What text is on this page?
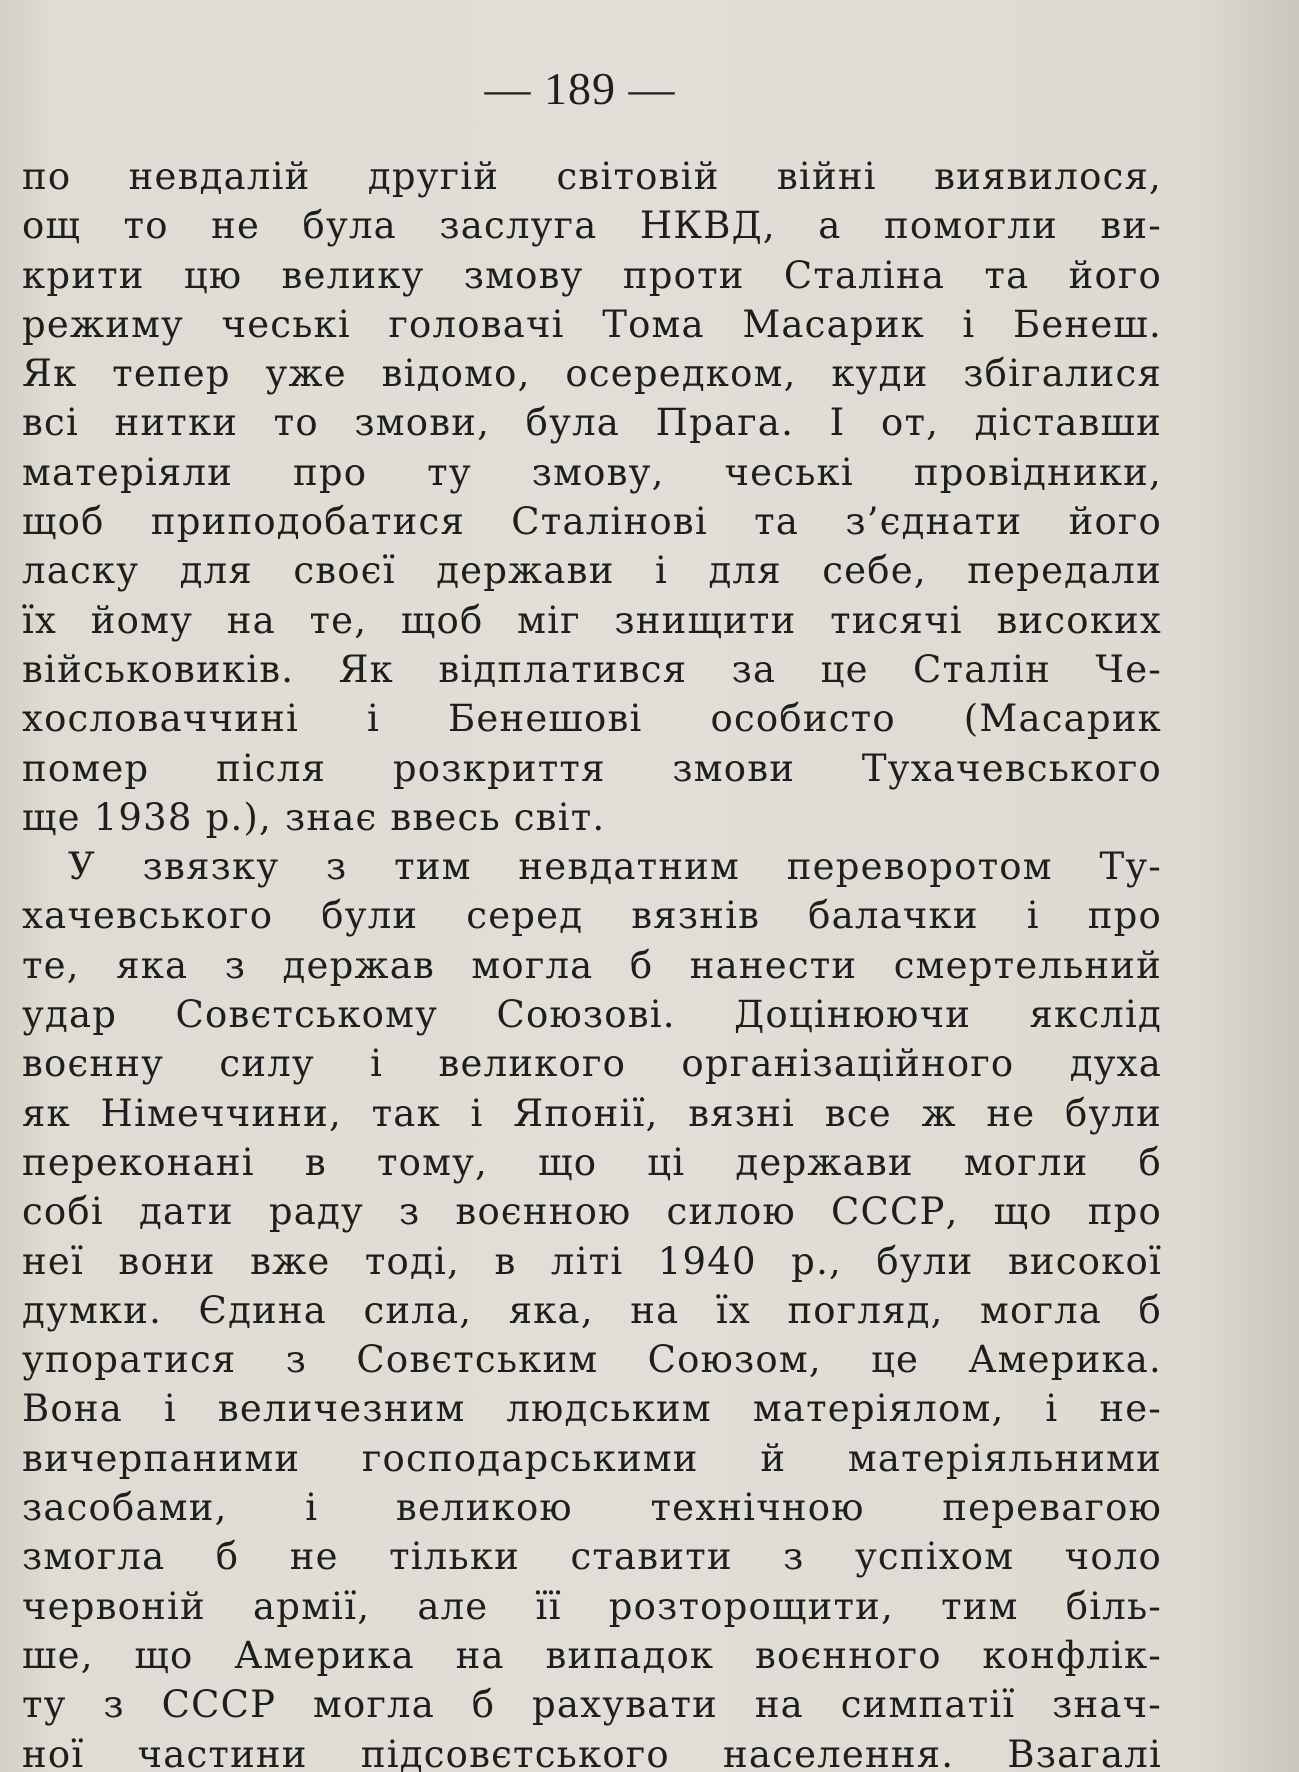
— 189 —
по невдалій другій світовій війні виявилося,
ощ то не була заслуга НКВД, а помогли ви-
крити цю велику змову проти Сталіна та його
режиму чеські головачі Тома Масарик і Бенеш.
Як тепер уже відомо, осередком, куди збігалися
всі нитки то змови, була Прага. І от, діставши
матеріяли про ту змову, чеські провідники,
щоб приподобатися Сталінові та з’єднати його
ласку для своєї держави і для себе, передали
їх йому на те, щоб міг знищити тисячі високих
військовиків. Як відплатився за це Сталін Че-
хословаччині і Бенешові особисто (Масарик
помер після розкриття змови Тухачевського
ще 1938 р.), знає ввесь світ.
У звязку з тим невдатним переворотом Ту-
хачевського були серед вязнів балачки і про
те, яка з держав могла б нанести смертельний
удар Совєтському Союзові. Доцінюючи якслід
воєнну силу і великого організаційного духа
як Німеччини, так і Японії, вязні все ж не були
переконані в тому, що ці держави могли б
собі дати раду з воєнною силою СССР, що про
неї вони вже тоді, в літі 1940 р., були високої
думки. Єдина сила, яка, на їх погляд, могла б
упоратися з Совєтським Союзом, це Америка.
Вона і величезним людським матеріялом, і не-
вичерпаними господарськими й матеріяльними
засобами, і великою технічною перевагою
змогла б не тільки ставити з успіхом чоло
червоній армії, але її розторощити, тим біль-
ше, що Америка на випадок воєнного конфлік-
ту з СССР могла б рахувати на симпатії знач-
ної частини підсовєтського населення. Взагалі
